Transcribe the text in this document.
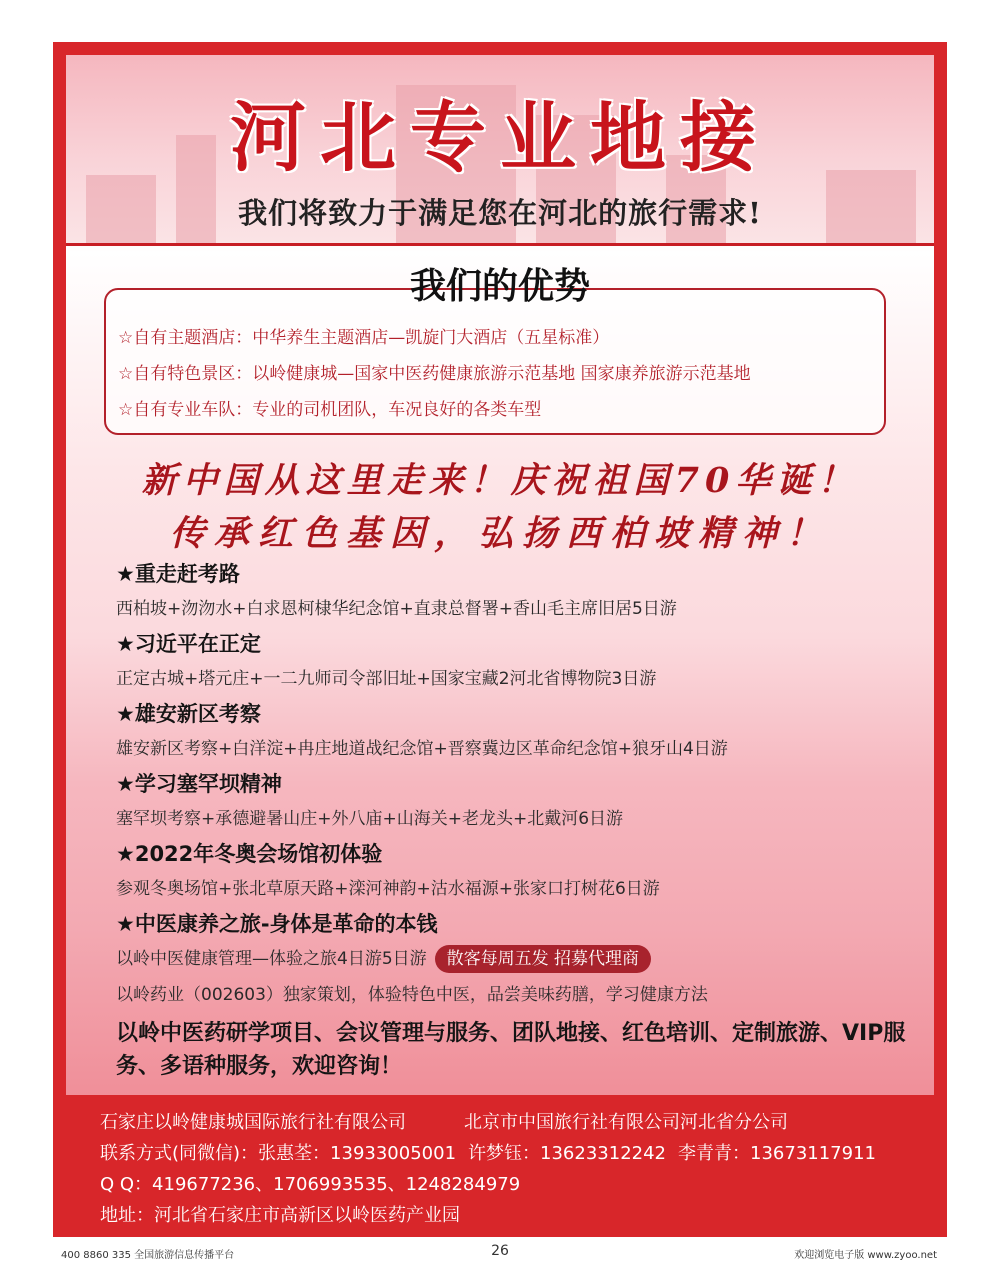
河北专业地接
我们将致力于满足您在河北的旅行需求!
我们的优势
☆自有主题酒店：中华养生主题酒店—凯旋门大酒店（五星标准）
☆自有特色景区：以岭健康城—国家中医药健康旅游示范基地 国家康养旅游示范基地
☆自有专业车队：专业的司机团队，车况良好的各类车型
新中国从这里走来！庆祝祖国70华诞！
传承红色基因，弘扬西柏坡精神！
★重走赶考路
西柏坡+沕沕水+白求恩柯棣华纪念馆+直隶总督署+香山毛主席旧居5日游
★习近平在正定
正定古城+塔元庄+一二九师司令部旧址+国家宝藏2河北省博物院3日游
★雄安新区考察
雄安新区考察+白洋淀+冉庄地道战纪念馆+晋察冀边区革命纪念馆+狼牙山4日游
★学习塞罕坝精神
塞罕坝考察+承德避暑山庄+外八庙+山海关+老龙头+北戴河6日游
★2022年冬奥会场馆初体验
参观冬奥场馆+张北草原天路+滦河神韵+沽水福源+张家口打树花6日游
★中医康养之旅-身体是革命的本钱
以岭中医健康管理—体验之旅4日游5日游 散客每周五发 招募代理商
以岭药业（002603）独家策划，体验特色中医，品尝美味药膳，学习健康方法
以岭中医药研学项目、会议管理与服务、团队地接、红色培训、定制旅游、VIP服务、多语种服务，欢迎咨询！
石家庄以岭健康城国际旅行社有限公司	北京市中国旅行社有限公司河北省分公司
联系方式(同微信)：张惠荃：13933005001 许梦钰：13623312242 李青青：13673117911
Q Q：419677236、1706993535、1248284979
地址：河北省石家庄市高新区以岭医药产业园
400 8860 335 全国旅游信息传播平台	26	欢迎浏览电子版 www.zyoo.net
